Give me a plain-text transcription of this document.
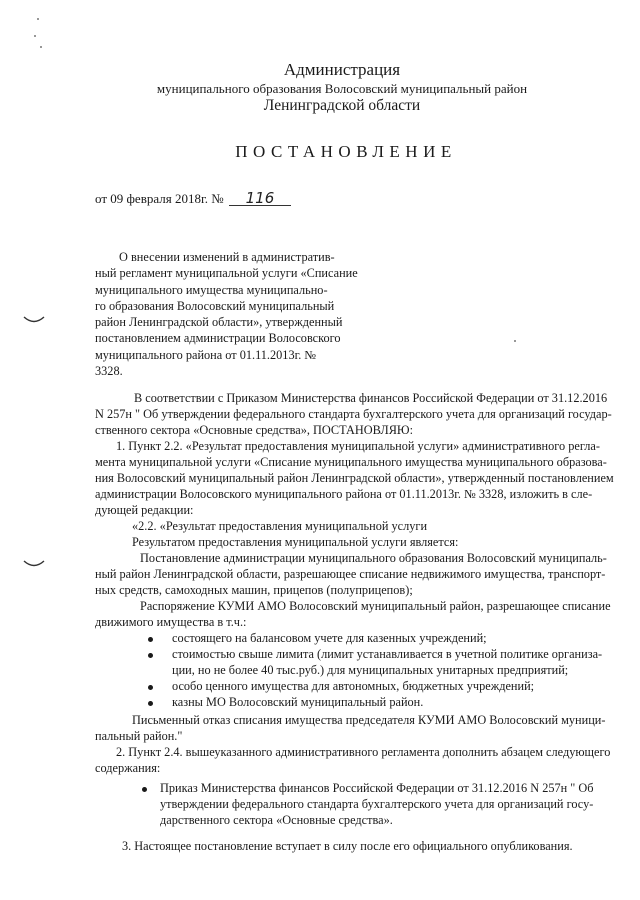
Администрация
муниципального образования Волосовский муниципальный район
Ленинградской области
ПОСТАНОВЛЕНИЕ
от 09 февраля 2018г. № 116
О внесении изменений в административ-
ный регламент муниципальной услуги «Списание
муниципального имущества муниципально-
го образования Волосовский муниципальный
район Ленинградской области», утвержденный
постановлением администрации Волосовского
муниципального района от 01.11.2013г. №
3328.
В соответствии с Приказом Министерства финансов Российской Федерации от 31.12.2016
N 257н " Об утверждении федерального стандарта бухгалтерского учета для организаций государ-
ственного сектора «Основные средства», ПОСТАНОВЛЯЮ:
1. Пункт 2.2. «Результат предоставления муниципальной услуги» административного регла-
мента муниципальной услуги «Списание муниципального имущества муниципального образова-
ния Волосовский муниципальный район Ленинградской области», утвержденный постановлением
администрации Волосовского муниципального района от 01.11.2013г. № 3328, изложить в сле-
дующей редакции:
«2.2. «Результат предоставления муниципальной услуги
Результатом предоставления муниципальной услуги является:
Постановление администрации муниципального образования Волосовский муниципаль-
ный район Ленинградской области, разрешающее списание недвижимого имущества, транспорт-
ных средств, самоходных машин, прицепов (полуприцепов);
Распоряжение КУМИ АМО Волосовский муниципальный район, разрешающее списание
движимого имущества в т.ч.:
состоящего на балансовом учете для казенных учреждений;
стоимостью свыше лимита (лимит устанавливается в учетной политике организа-
ции, но не более 40 тыс.руб.) для муниципальных унитарных предприятий;
особо ценного имущества для автономных, бюджетных учреждений;
казны МО Волосовский муниципальный район.
Письменный отказ списания имущества председателя КУМИ АМО Волосовский муници-
пальный район."
2. Пункт 2.4. вышеуказанного административного регламента дополнить абзацем следующего
содержания:
Приказ Министерства финансов Российской Федерации от 31.12.2016 N 257н " Об
утверждении федерального стандарта бухгалтерского учета для организаций госу-
дарственного сектора «Основные средства».
3. Настоящее постановление вступает в силу после его официального опубликования.
